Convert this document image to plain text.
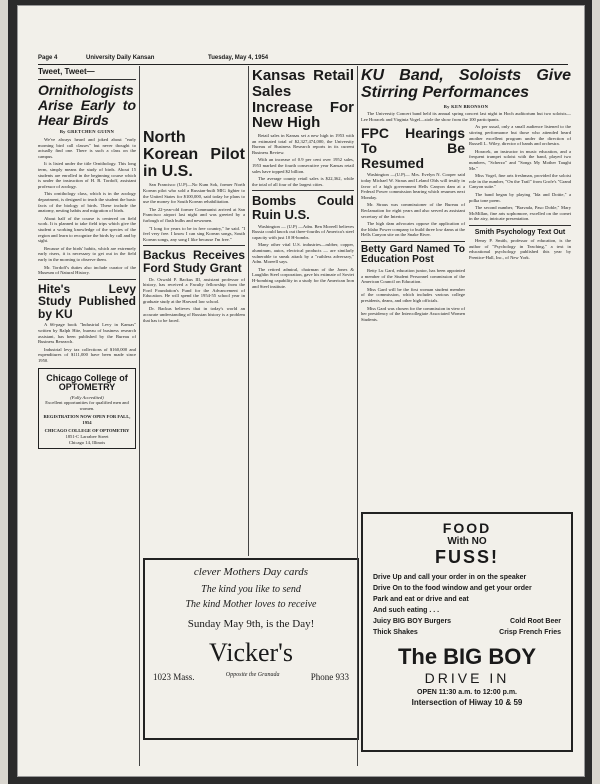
Page 4	University Daily Kansan	Tuesday, May 4, 1954
Tweet, Tweet—
Ornithologists Arise Early to Hear Birds
By GRETCHEN GUINN

We've always heard and joked about "early morning bird call classes" but never thought to actually find one. There is such a class on the campus.

It is listed under the title Ornithology. This long term, simply means the study of birds. About 15 students are enrolled in the beginning course which is under the instruction of H. B. Tordoff, assistant professor of zoology.

This ornithology class, which is in the zoology department, is designed to teach the student the basic facts of the biology of birds. These include the anatomy, nesting habits and migration of birds.

About half of the course is centered on field work. It is planned to take field trips which give the student a working knowledge of the species of the region and learn to recognize the birds by call and by sight.

Because of the birds' habits, which are extremely early risers, it is necessary to get out in the field early in the morning to observe them.

Mr. Tordoff's duties also include curator of the Museum of Natural History.

Hite's Levy Study Published by KU

A 66-page book "Industrial Levy in Kansas" written by Ralph Hite, bureau of business research assistant, has been published by the Bureau of Business Research.

Industrial levy tax collections of $160,000 and expenditures of $111,000 have been made since 1950.

Chicago College of OPTOMETRY
(Fully Accredited)
Excellent opportunities for qualified men and women.
REGISTRATION NOW OPEN FOR FALL, 1954
CHICAGO COLLEGE OF OPTOMETRY
1851-C Larrabee Street
Chicago 14, Illinois
North Korean Pilot in U.S.

San Francisco (U.P)—No Kum Sok, former North Korean pilot who sold a Russian-built MIG fighter to the United States for $100,000, said today he plans to use the money for South Korean rehabilitation.

The 22-year-old former Communist arrived at San Francisco airport last night and was greeted by a furlough of flash bulbs and newsmen.

"I long for years to be in free country," he said. "I feel very free. I know I can sing Korean songs, South Korean songs, any song I like because I'm free."

Backus Receives Ford Study Grant

Dr. Oswald P. Backus III, assistant professor of history, has received a Faculty fellowship from the Ford Foundation's Fund for the Advancement of Education. He will spend the 1954-55 school year in graduate study at the Harvard law school.

Dr. Backus believes that in today's world an accurate understanding of Russian history is a problem that has to be faced.

Kansas Retail Sales Increase For New High

Retail sales in Kansas set a new high in 1953 with an estimated total of $2,327,474,000, the University Bureau of Business Research reports in its current Business Review.

With an increase of 0.9 per cent over 1952 sales, 1953 marked the fourth consecutive year Kansas retail sales have topped $2 billion.

The average county retail sales is $22,362, while the total of all four of the largest cities.

Bombs Could Ruin U.S.

Washington — (U.P) —Adm. Ben Moreell believes Russia could knock out three-fourths of America's steel capacity with just 10 H-bombs.

Many other vital U.S. industries—rubber, copper, aluminum, autos, electrical products — are similarly vulnerable to sneak attack by a "ruthless adversary," Adm. Moreell says.

The retired admiral, chairman of the Jones & Laughlin Steel corporation, gave his estimate of Soviet H-bombing capability in a study for the American Iron and Steel institute.

clever Mothers Day cards
The kind you like to send
The kind Mother loves to receive
Sunday May 9th, is the Day!
Vicker's
1023 Mass.	Opposite the Granada	Phone 933
KU Band, Soloists Give Stirring Performances
By KEN BRONSON

The University Concert band held its annual spring concert last night in Hoch auditorium but two soloists—Lee Horacek and Virginia Vogel—stole the show from the 100 participants.

FPC Hearings To Be Resumed

Washington —(U.P)— Mrs. Evelyn N. Cooper said today Michael W. Straus and Leland Olds will testify in favor of a high government Hells Canyon dam at a Federal Power commission hearing which resumes next Monday.

Mr. Straus was commissioner of the Bureau of Reclamation for eight years and also served as assistant secretary of the Interior.

The high dam advocates oppose the application of the Idaho Power company to build three low dams at the Hells Canyon site on the Snake River.

Betty Gard Named To Education Post

Betty Lu Gard, education junior, has been appointed a member of the Student Personnel commission of the American Council on Education.

Miss Gard will be the first woman student member of the commission, which includes various college presidents, deans, and other high officials.

Miss Gard was chosen for the commission in view of her presidency of the Intercollegiate Associated Women Students.

As per usual, only a small audience listened to the stirring performance but those who attended heard another excellent program under the direction of Russell L. Wiley, director of bands and orchestra.

Horacek, an instructor in music education, and a frequent trumpet soloist with the band, played two numbers, "Scherzo" and "Songs My Mother Taught Me."

Miss Vogel, fine arts freshman, provided the soloist role in the number, "On the Trail" from Grofe's "Grand Canyon suite."

The band began by playing "Ida and Dottie," a polka tone poem.

The second number, "Bravada, Paso Doble," Mary McMillan, fine arts sophomore, excelled on the cornet in the airy, intricate presentation.

Smith Psychology Text Out

Henry P. Smith, professor of education, is the author of "Psychology in Teaching," a text in educational psychology published this year by Prentice-Hall, Inc., of New York.

FOOD
With NO
FUSS!
Drive Up and call your order in on the speaker
Drive On to the food window and get your order
Park and eat or drive and eat
And such eating . . .
Juicy BIG BOY Burgers	Cold Root Beer
Thick Shakes	Crisp French Fries
The BIG BOY
DRIVE IN
OPEN 11:30 a.m. to 12:00 p.m.
Intersection of Hiway 10 & 59
